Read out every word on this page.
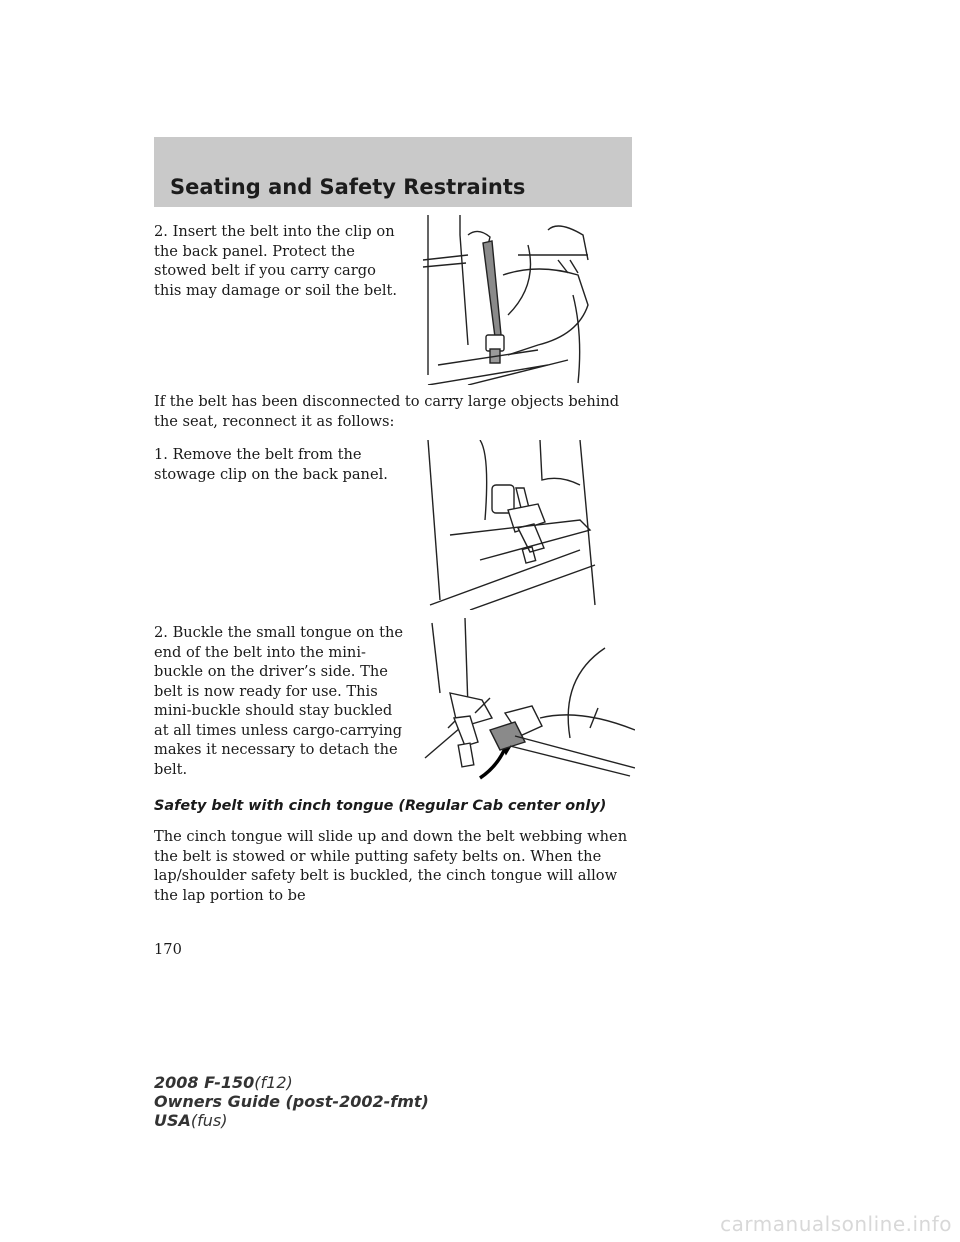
Seating and Safety Restraints

2. Insert the belt into the clip on the back panel. Protect the stowed belt if you carry cargo this may damage or soil the belt.

If the belt has been disconnected to carry large objects behind the seat, reconnect it as follows:

1. Remove the belt from the stowage clip on the back panel.

2. Buckle the small tongue on the end of the belt into the mini-buckle on the driver’s side. The belt is now ready for use. This mini-buckle should stay buckled at all times unless cargo-carrying makes it necessary to detach the belt.

Safety belt with cinch tongue (Regular Cab center only)

The cinch tongue will slide up and down the belt webbing when the belt is stowed or while putting safety belts on. When the lap/shoulder safety belt is buckled, the cinch tongue will allow the lap portion to be

170
2008 F-150(f12)
Owners Guide (post-2002-fmt)
USA(fus)
carmanualsonline.info
